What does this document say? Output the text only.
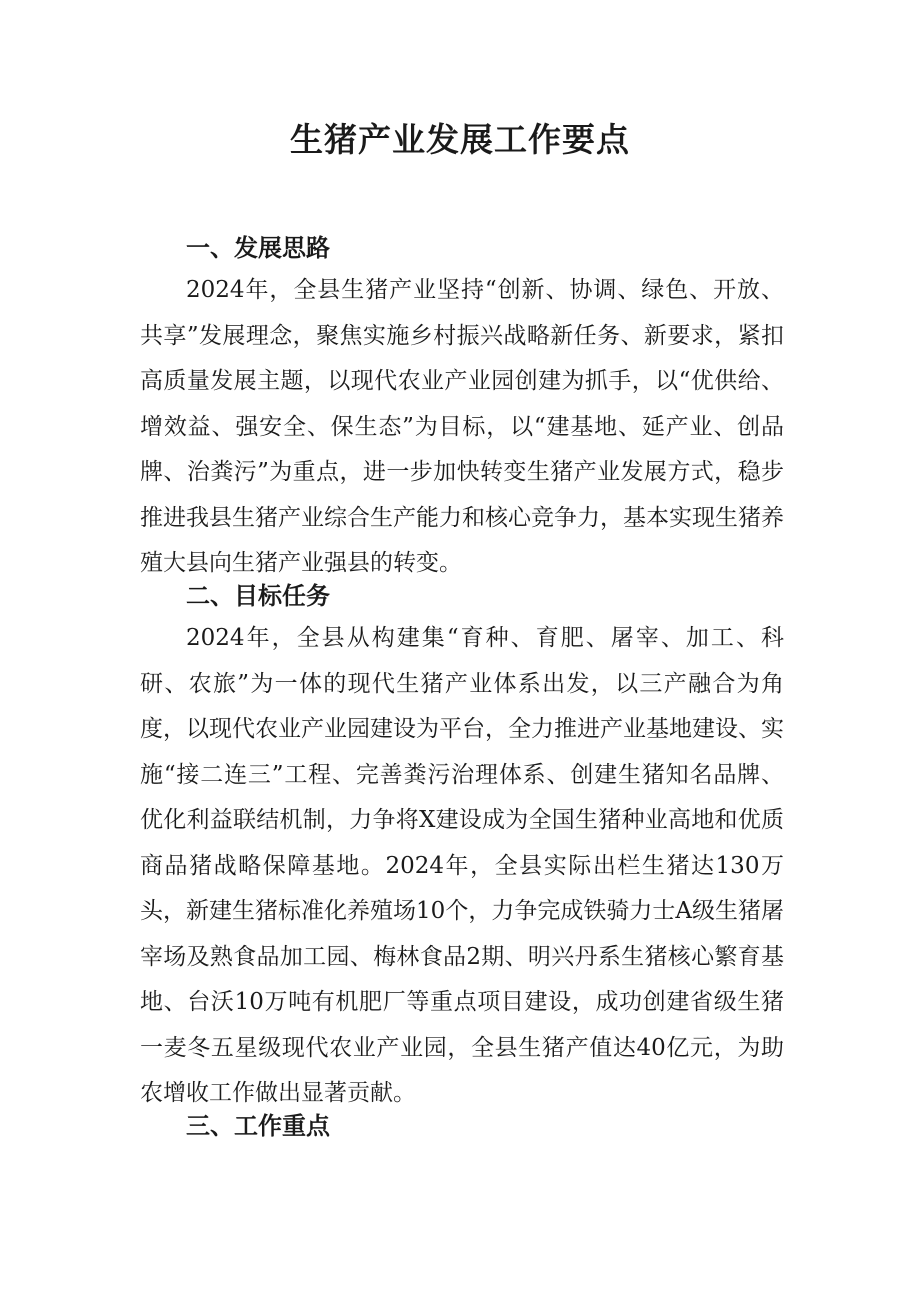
生猪产业发展工作要点
一、发展思路

2024年，全县生猪产业坚持“创新、协调、绿色、开放、共享”发展理念，聚焦实施乡村振兴战略新任务、新要求，紧扣高质量发展主题，以现代农业产业园创建为抓手，以“优供给、增效益、强安全、保生态”为目标，以“建基地、延产业、创品牌、治粪污”为重点，进一步加快转变生猪产业发展方式，稳步推进我县生猪产业综合生产能力和核心竞争力，基本实现生猪养殖大县向生猪产业强县的转变。

二、目标任务

2024年，全县从构建集“育种、育肥、屠宰、加工、科研、农旅”为一体的现代生猪产业体系出发，以三产融合为角度，以现代农业产业园建设为平台，全力推进产业基地建设、实施“接二连三”工程、完善粪污治理体系、创建生猪知名品牌、优化利益联结机制，力争将X建设成为全国生猪种业高地和优质商品猪战略保障基地。2024年，全县实际出栏生猪达130万头，新建生猪标准化养殖场10个，力争完成铁骑力士A级生猪屠宰场及熟食品加工园、梅林食品2期、明兴丹系生猪核心繁育基地、台沃10万吨有机肥厂等重点项目建设，成功创建省级生猪一麦冬五星级现代农业产业园，全县生猪产值达40亿元，为助农增收工作做出显著贡献。

三、工作重点
